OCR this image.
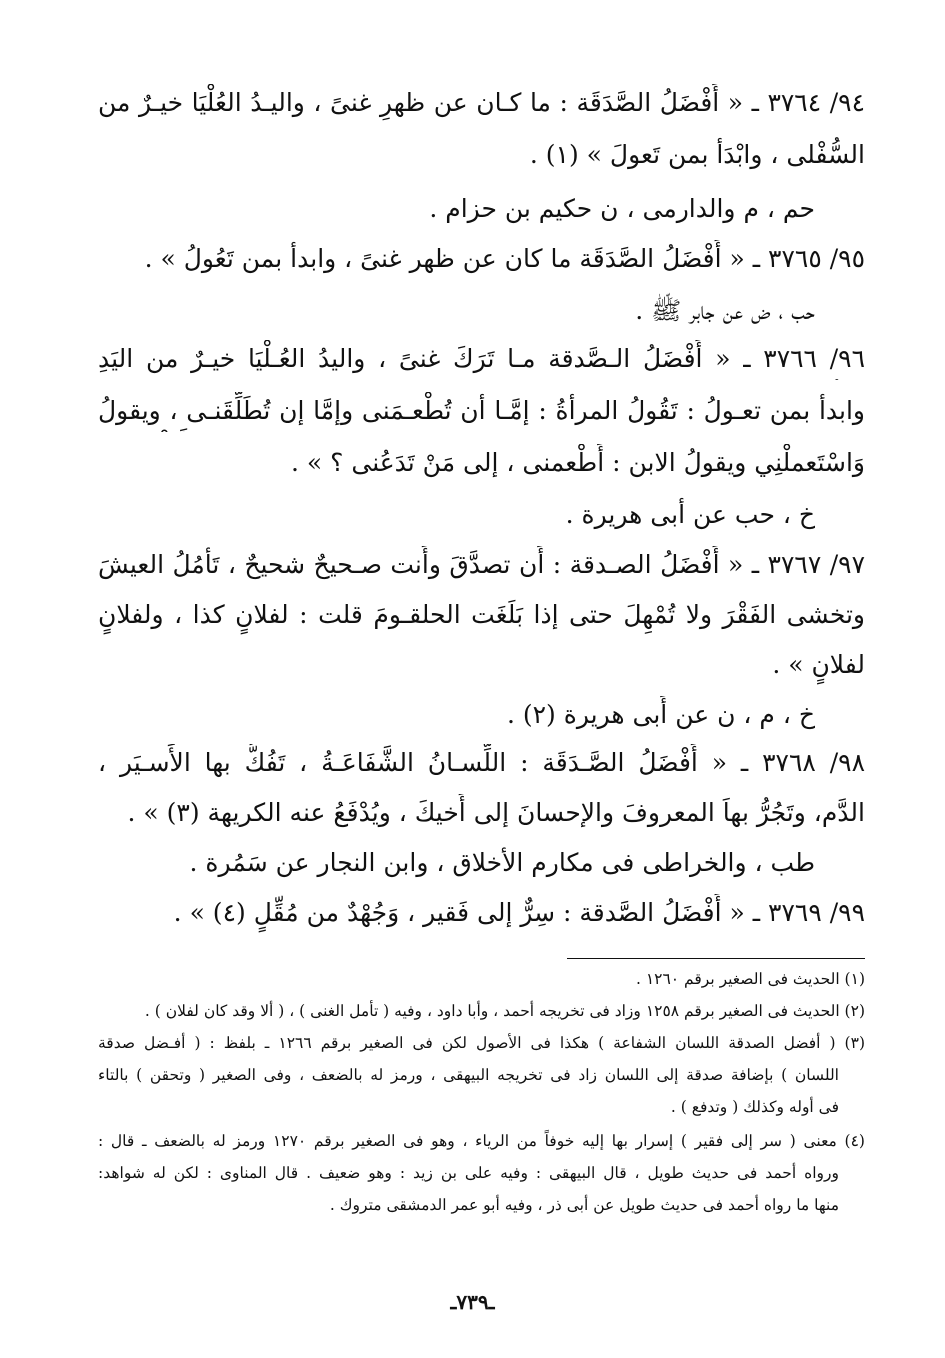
٩٤/ ٣٧٦٤ ـ « أَفْضَلُ الصَّدَقَة : ما كـان عن ظهرِ غنىً ، واليـدُ العُلْيَا خيـرٌ من
السُّفْلى ، وابْدَأ بمن تَعولَ » (١) .
حم ، م والدارمى ، ن حكيم بن حزام .
٩٥/ ٣٧٦٥ ـ « أَفْضَلُ الصَّدَقَة ما كان عن ظهر غنىً ، وابدأ بمن تَعُولُ » .
حب ، ض عن جابر ﷺ .
٩٦/ ٣٧٦٦ ـ « أَفْضَلُ الـصَّدقة مـا تَرَكَ غنىً ، واليدُ العُـلْيَا خيـرٌ من اليَدِ
وابدأ بمن تعـولُ : تَقُولُ المرأةُ : إمَّـا أن تُطْعـمَنى وإمَّا إن تُطَلِّقَنـى ، ويقولُ
وَاسْتَعملْنِي ويقولُ الابن : أَطْعمنى ، إلى مَنْ تَدَعُنى ؟ » .
خ ، حب عن أبى هريرة .
٩٧/ ٣٧٦٧ ـ « أَفْضَلُ الصـدقة : أَن تصدَّقَ وأَنت صـحيحٌ شحيحٌ ، تَأمُلُ العيشَ
وتخشى الفَقْرَ ولا تُمْهِلَ حتى إذا بَلَغَت الحلقـومَ قلت : لفلانٍ كذا ، ولفلانٍ
لفلانٍ » .
خ ، م ، ن عن أَبى هريرة (٢) .
٩٨/ ٣٧٦٨ ـ « أَفْضَلُ الصَّـدَقَة : اللِّسـانُ الشَّفَاعَـةُ ، تَفُكُّ بها الأَسـيَر ،
الدَّم، وتَجُرُّ بهاَ المعروفَ والإحسانَ إلى أَخيكَ ، ويُدْفَعُ عنه الكريهة (٣) » .
طب ، والخراطى فى مكارم الأخلاق ، وابن النجار عن سَمُرة .
٩٩/ ٣٧٦٩ ـ « أَفْضَلُ الصَّدقة : سِرٌّ إلى فَقير ، وَجُهْدٌ من مُقِّلٍ (٤) » .
(١) الحديث فى الصغير برقم ١٢٦٠ .
(٢) الحديث فى الصغير برقم ١٢٥٨ وزاد فى تخريجه أحمد ، وأبا داود ، وفيه ( تأمل الغنى ) ، ( ألا وقد كان لفلان ) .
(٣) ( أفضل الصدقة اللسان الشفاعة ) هكذا فى الأصول لكن فى الصغير برقم ١٢٦٦ ـ بلفظ : ( أفـضل صدقة
اللسان ) بإضافة صدقة إلى اللسان زاد فى تخريجه البيهقى ، ورمز له بالضعف ، وفى الصغير ( وتحقن ) بالتاء
فى أوله وكذلك ( وتدفع ) .
(٤) معنى ( سر إلى فقير ) إسرار بها إليه خوفاً من الرياء ، وهو فى الصغير برقم ١٢٧٠ ورمز له بالضعف ـ قال :
ورواه أحمد فى حديث طويل ، قال البيهقى : وفيه على بن زيد : وهو ضعيف . قال المناوى : لكن له شواهد:
منها ما رواه أحمد فى حديث طويل عن أبى ذر ، وفيه أبو عمر الدمشقى متروك .
ـ٧٣٩ـ
